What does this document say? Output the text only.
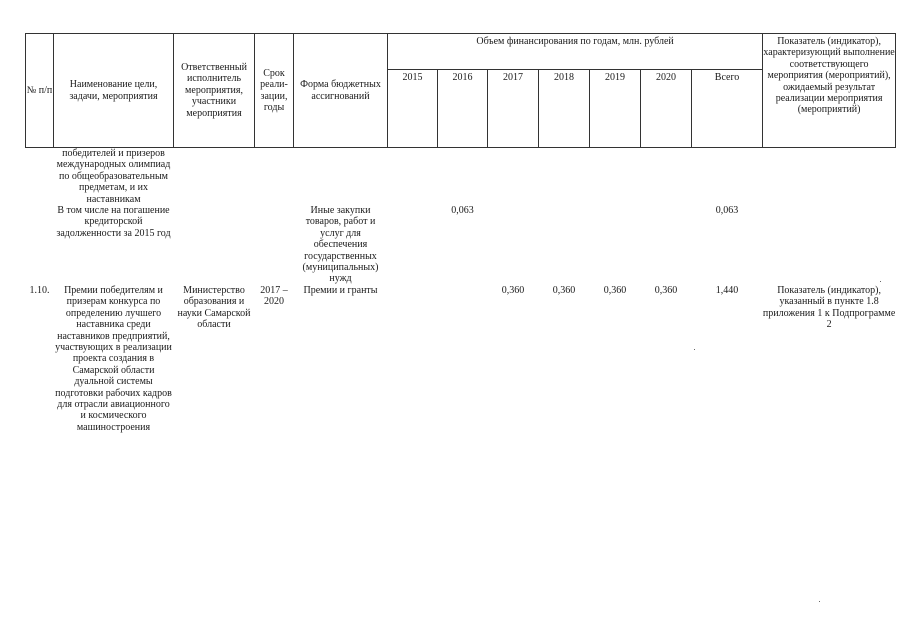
№ п/п	Наименование цели, задачи, мероприятия	Ответственный исполнитель мероприятия, участники мероприятия	Срок реали- зации, годы	Форма бюджетных ассигнований	Объем финансирования по годам, млн. рублей							Показатель (индикатор), характеризующий выполнение соответствующего мероприятия (мероприятий), ожидаемый результат реализации мероприятия (мероприятий)
					2015	2016	2017	2018	2019	2020	Всего	
	победителей и призеров международных олимпиад по общеобразовательным предметам, и их наставникам											
	В том числе на погашение кредиторской задолженности за 2015 год			Иные закупки товаров, работ и услуг для обеспечения государственных (муниципальных) нужд		0,063					0,063	
1.10.	Премии победителям и призерам конкурса по определению лучшего наставника среди наставников предприятий, участвующих в реализации проекта создания в Самарской области дуальной системы подготовки рабочих кадров для отрасли авиационного и космического машиностроения	Министерство образования и науки Самарской области	2017 – 2020	Премии и гранты			0,360	0,360	0,360	0,360	1,440	Показатель (индикатор), указанный в пункте 1.8 приложения 1 к Подпрограмме 2
